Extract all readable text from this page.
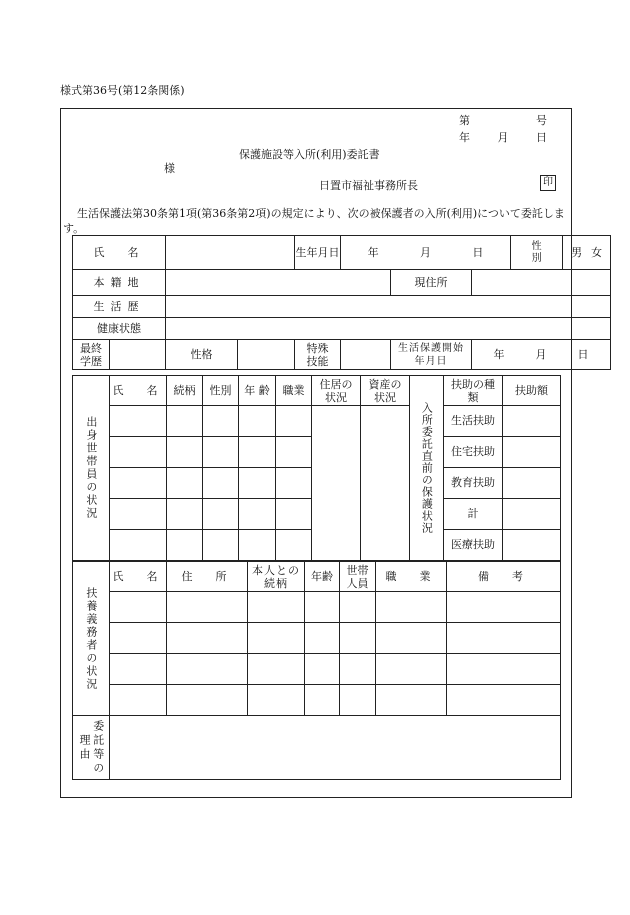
様式第36号(第12条関係)
第	号
年	月	日
保護施設等入所(利用)委託書
様
日置市福祉事務所長	印
生活保護法第30条第1項(第36条第2項)の規定により、次の被保護者の入所(利用)について委託します。
氏　名				生年月日	年 月 日			性別	男 女

本籍地						現住所			
生活歴									
健康状態									

最終学歴		性格		特殊技能		生活保護開始年月日	年 月 日		
出身世帯員の状況	氏　名	続柄	性別	年 齢	職業	住居の状況	資産の状況	入所委託直前の保護状況	扶助の種類	扶助額
									生活扶助	
									住宅扶助	
									教育扶助	
									計	
									医療扶助	
扶養義務者の状況	氏　名	住　所	本人との続柄	年齢	世帯人員	職　業	備　考

委託等の理由							
